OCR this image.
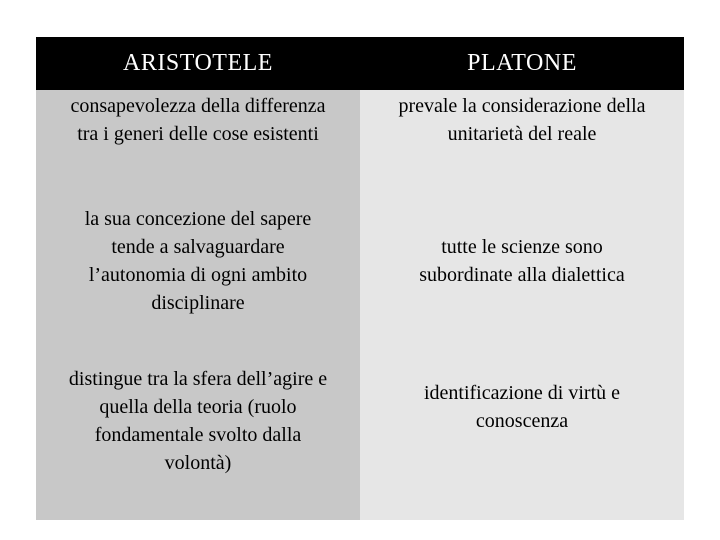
ARISTOTELE	PLATONE
consapevolezza della differenza
tra i generi delle cose esistenti
prevale la considerazione della
unitarietà del reale
la sua concezione del sapere
tende a salvaguardare
l’autonomia di ogni ambito
disciplinare
tutte le scienze sono
subordinate alla dialettica
distingue tra la sfera dell’agire e
quella della teoria (ruolo
fondamentale svolto dalla
volontà)
identificazione di virtù e
conoscenza
